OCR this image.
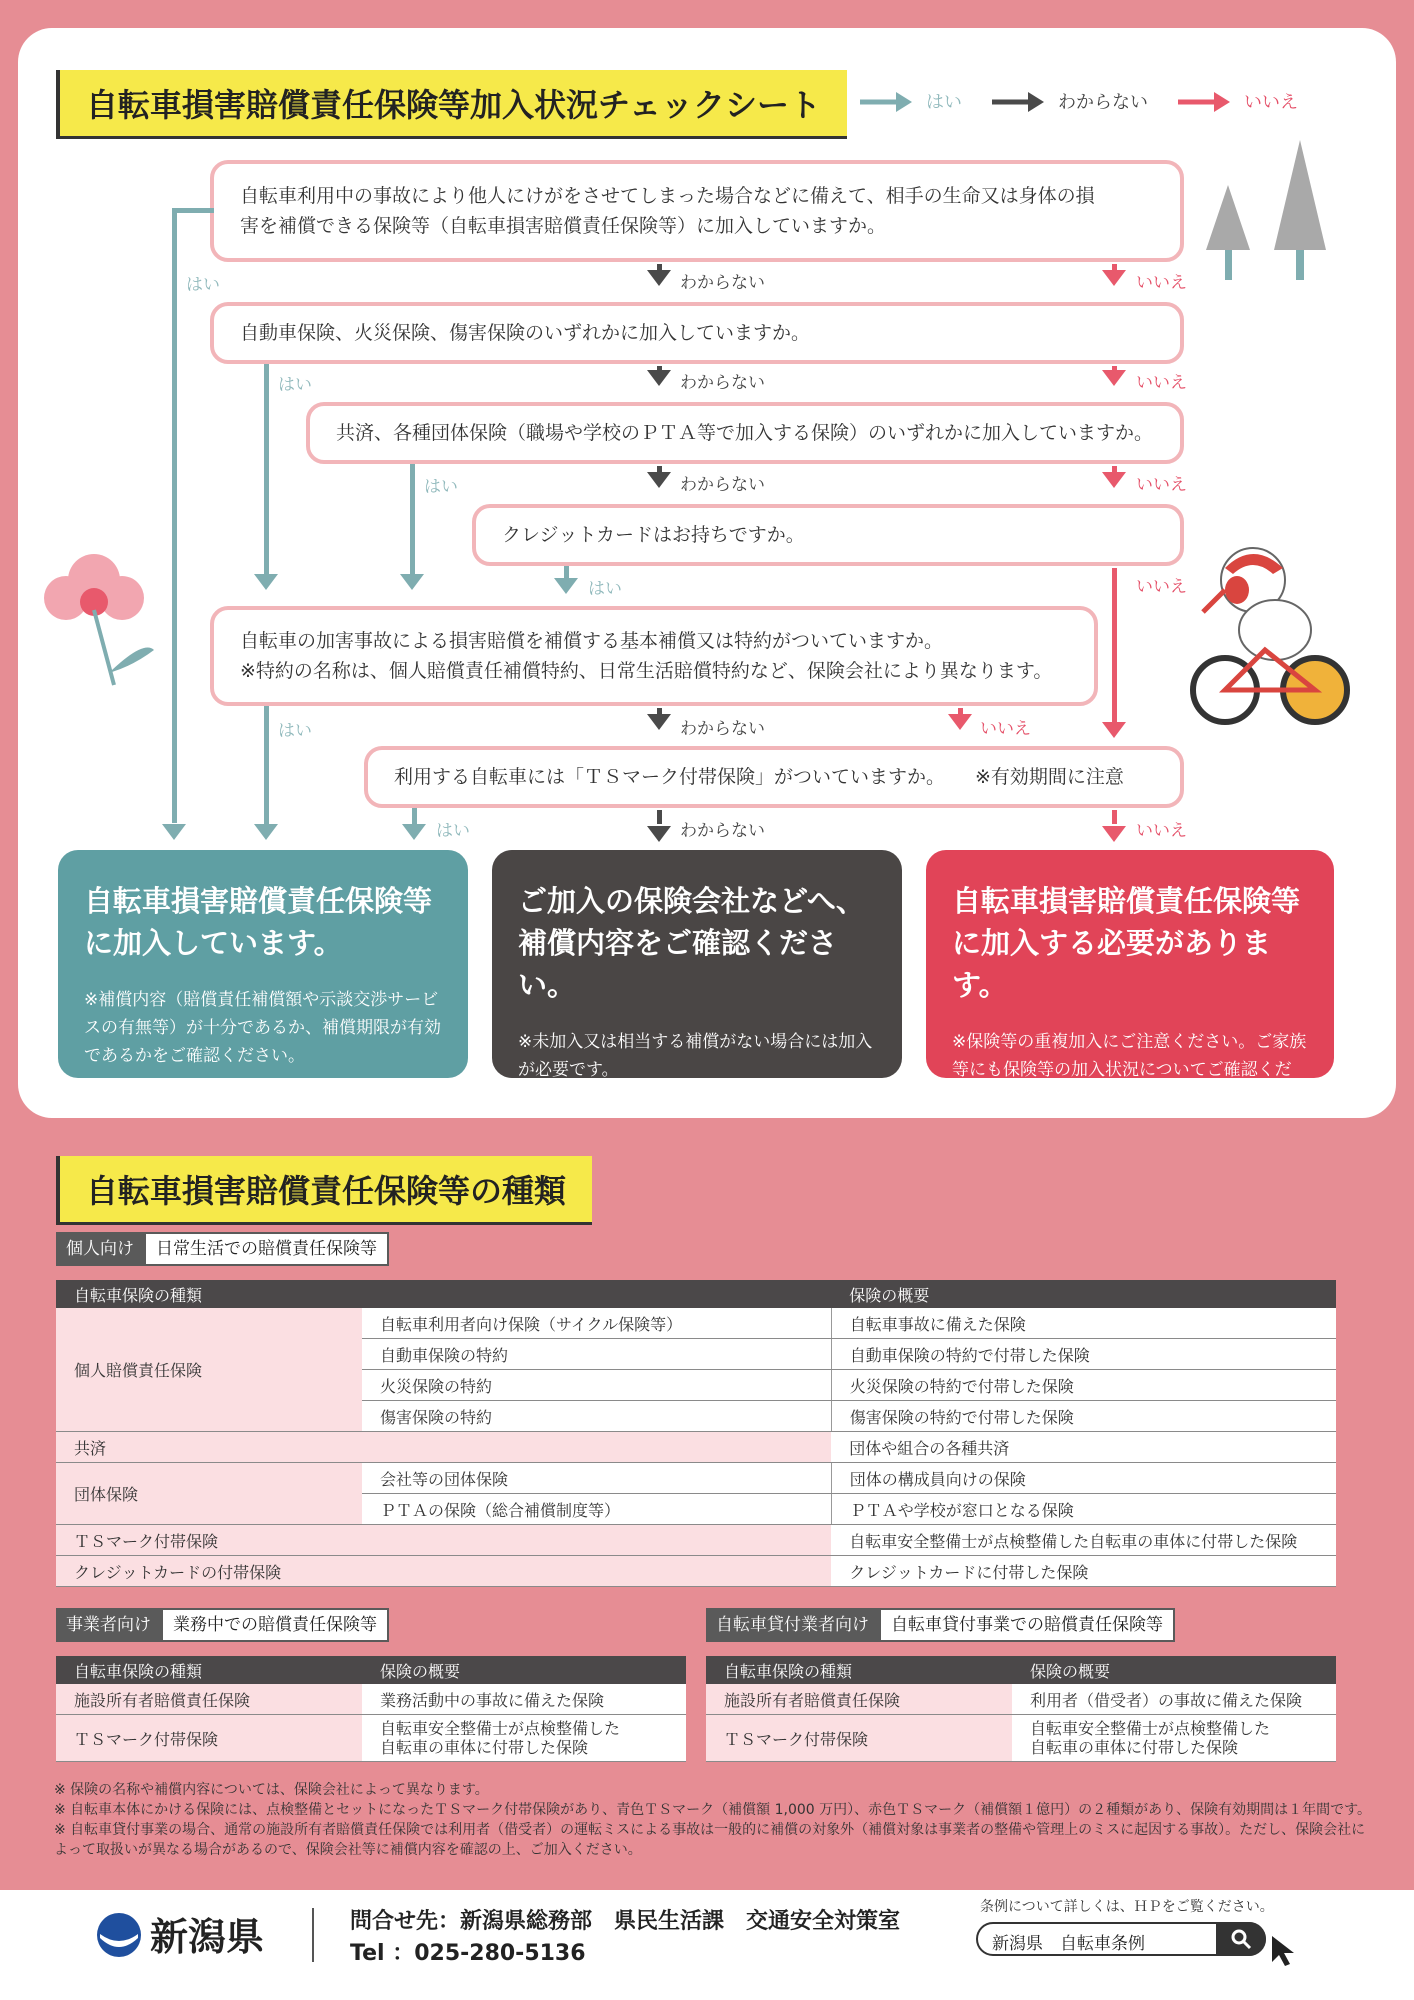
自転車損害賠償責任保険等加入状況チェックシート	はい	わからない	いいえ
自転車利用中の事故により他人にけがをさせてしまった場合などに備えて、相手の生命又は身体の損
害を補償できる保険等（自転車損害賠償責任保険等）に加入していますか。
自動車保険、火災保険、傷害保険のいずれかに加入していますか。
共済、各種団体保険（職場や学校のＰＴＡ等で加入する保険）のいずれかに加入していますか。
クレジットカードはお持ちですか。
自転車の加害事故による損害賠償を補償する基本補償又は特約がついていますか。
※特約の名称は、個人賠償責任補償特約、日常生活賠償特約など、保険会社により異なります。
利用する自転車には「ＴＳマーク付帯保険」がついていますか。 ※有効期間に注意
はい	わからない	いいえ
はい	わからない	いいえ
はい	わからない	いいえ
はい	いいえ
はい	わからない	いいえ
はい	わからない	いいえ
自転車損害賠償責任保険等
に加入しています。

※補償内容（賠償責任補償額や示談交渉サービスの有無等）が十分であるか、補償期限が有効であるかをご確認ください。

ご加入の保険会社などへ、
補償内容をご確認ください。

※未加入又は相当する補償がない場合には加入が必要です。

自転車損害賠償責任保険等
に加入する必要があります。

※保険等の重複加入にご注意ください。ご家族等にも保険等の加入状況についてご確認ください。

自転車損害賠償責任保険等の種類
個人向け	日常生活での賠償責任保険等
自転車保険の種類		保険の概要
個人賠償責任保険	自転車利用者向け保険（サイクル保険等）	自転車事故に備えた保険
	自動車保険の特約	自動車保険の特約で付帯した保険
	火災保険の特約	火災保険の特約で付帯した保険
	傷害保険の特約	傷害保険の特約で付帯した保険
共済		団体や組合の各種共済
団体保険	会社等の団体保険	団体の構成員向けの保険
	ＰＴＡの保険（総合補償制度等）	ＰＴＡや学校が窓口となる保険
ＴＳマーク付帯保険		自転車安全整備士が点検整備した自転車の車体に付帯した保険
クレジットカードの付帯保険		クレジットカードに付帯した保険
事業者向け	業務中での賠償責任保険等
自転車保険の種類	保険の概要
施設所有者賠償責任保険	業務活動中の事故に備えた保険
ＴＳマーク付帯保険	自転車安全整備士が点検整備した
自転車の車体に付帯した保険
自転車貸付業者向け	自転車貸付事業での賠償責任保険等
自転車保険の種類	保険の概要
施設所有者賠償責任保険	利用者（借受者）の事故に備えた保険
ＴＳマーク付帯保険	自転車安全整備士が点検整備した
自転車の車体に付帯した保険
※ 保険の名称や補償内容については、保険会社によって異なります。
※ 自転車本体にかける保険には、点検整備とセットになったＴＳマーク付帯保険があり、青色ＴＳマーク（補償額 1,000 万円）、赤色ＴＳマーク（補償額１億円）の２種類があり、保険有効期間は１年間です。
※ 自転車貸付事業の場合、通常の施設所有者賠償責任保険では利用者（借受者）の運転ミスによる事故は一般的に補償の対象外（補償対象は事業者の整備や管理上のミスに起因する事故）。ただし、保険会社によって取扱いが異なる場合があるので、保険会社等に補償内容を確認の上、ご加入ください。
新潟県	問合せ先：新潟県総務部　県民生活課　交通安全対策室
Tel ：025-280-5136
条例について詳しくは、ＨＰをご覧ください。
新潟県　自転車条例
